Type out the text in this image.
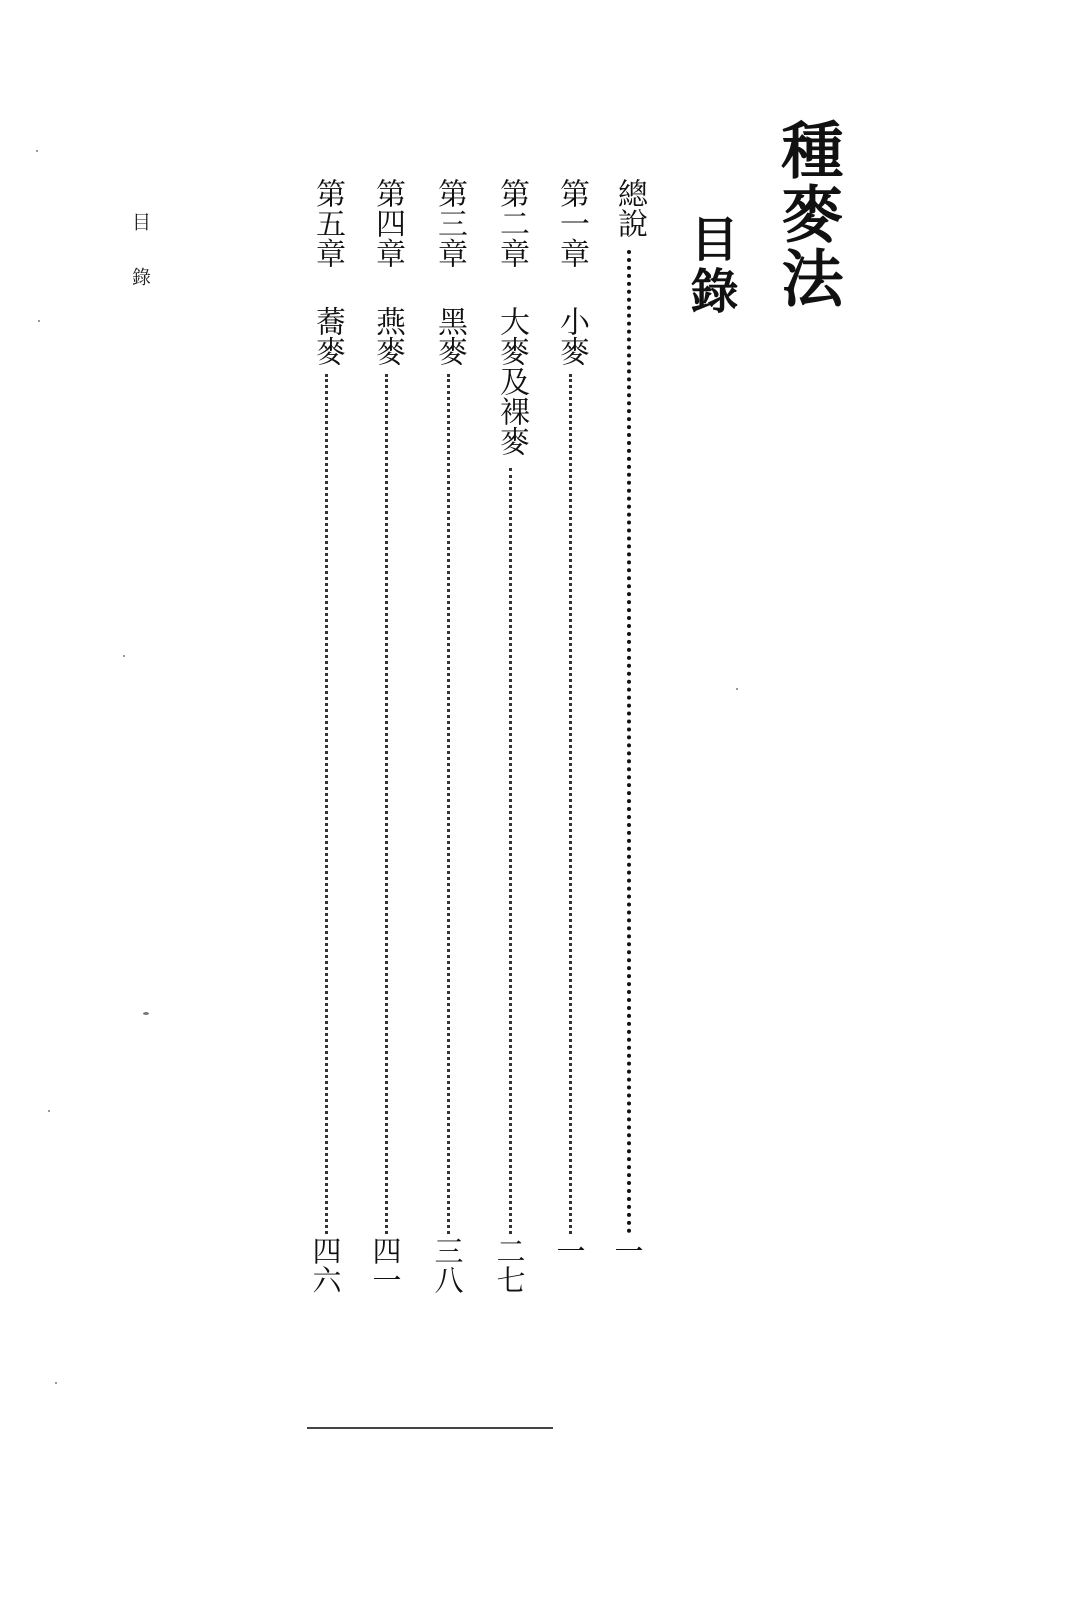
種麥法
目錄
目錄
總說
一
第一章
小麥
一
第二章
大麥及裸麥
二七
第三章
黑麥
三八
第四章
燕麥
四一
第五章
蕎麥
四六
